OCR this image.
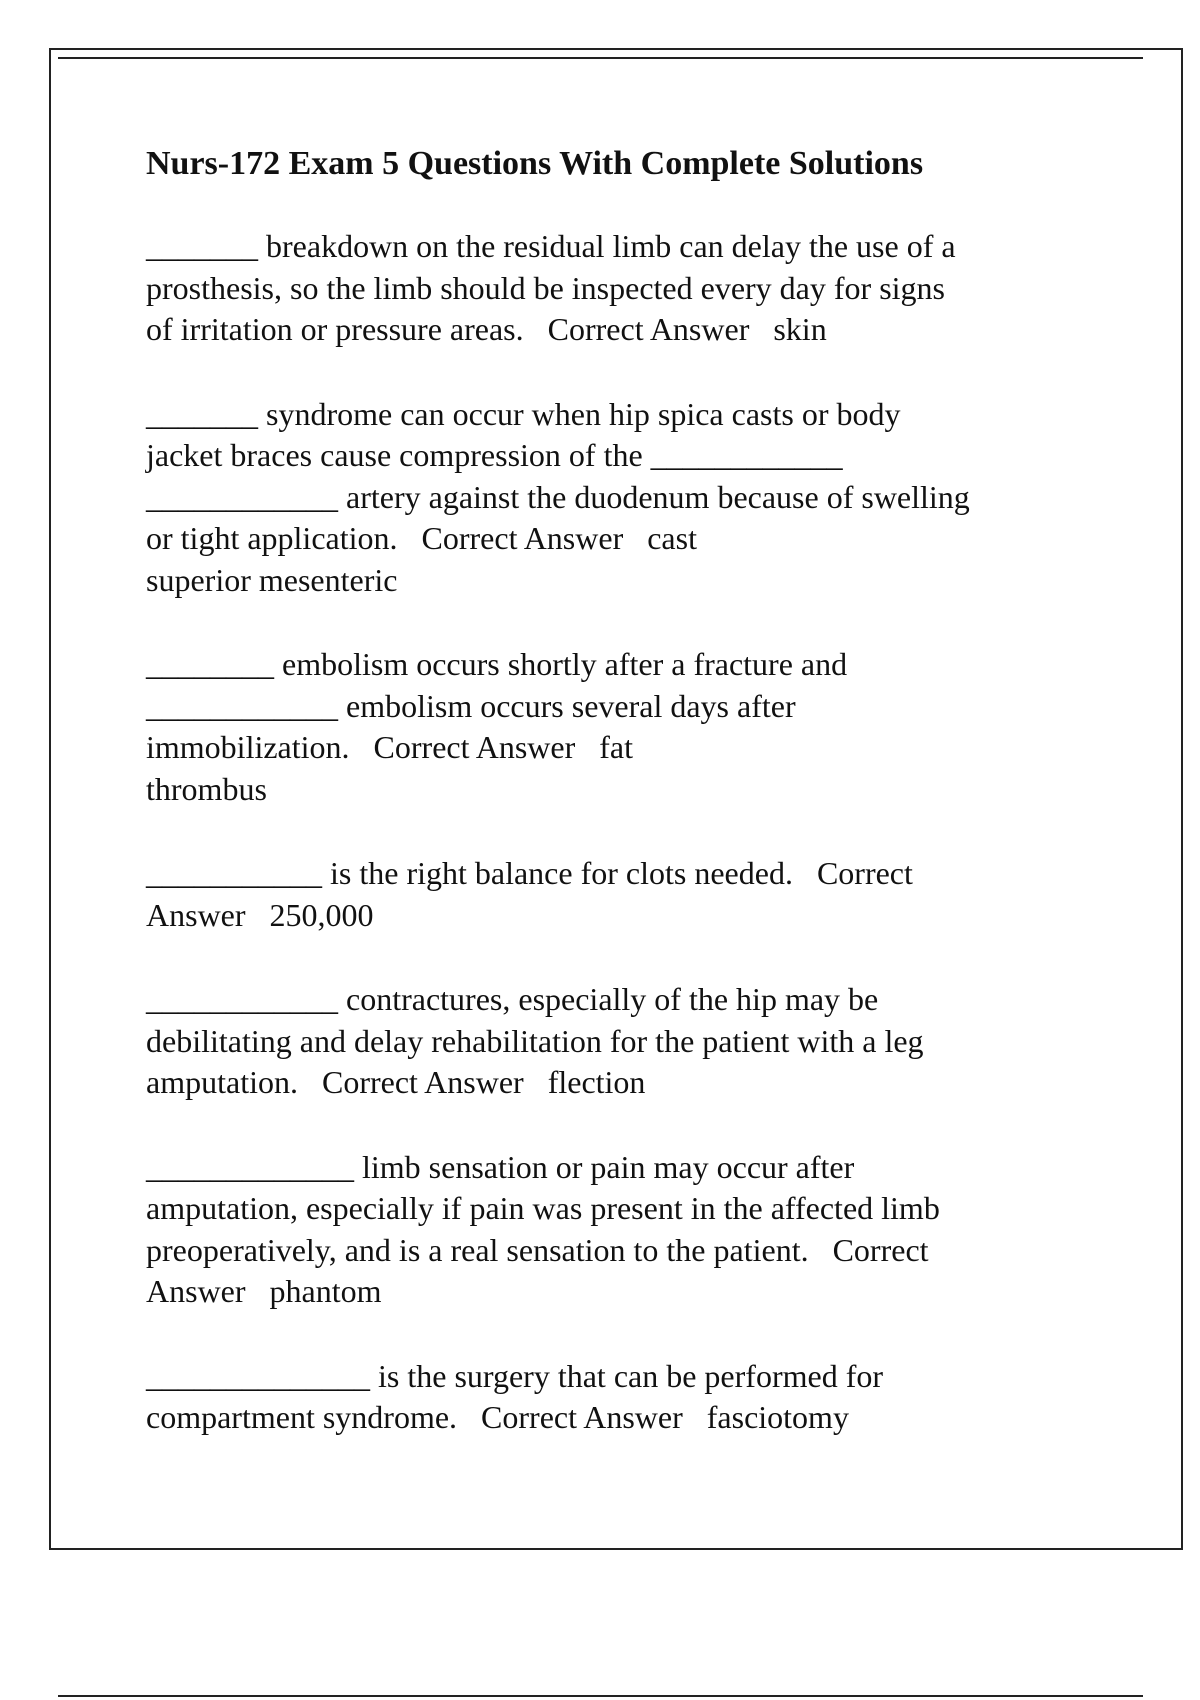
Nurs-172 Exam 5 Questions With Complete Solutions
_______ breakdown on the residual limb can delay the use of a
prosthesis, so the limb should be inspected every day for signs
of irritation or pressure areas.   Correct Answer   skin
_______ syndrome can occur when hip spica casts or body
jacket braces cause compression of the ____________
____________ artery against the duodenum because of swelling
or tight application.   Correct Answer   cast
superior mesenteric
________ embolism occurs shortly after a fracture and
____________ embolism occurs several days after
immobilization.   Correct Answer   fat
thrombus
___________ is the right balance for clots needed.   Correct
Answer   250,000
____________ contractures, especially of the hip may be
debilitating and delay rehabilitation for the patient with a leg
amputation.   Correct Answer   flection
_____________ limb sensation or pain may occur after
amputation, especially if pain was present in the affected limb
preoperatively, and is a real sensation to the patient.   Correct
Answer   phantom
______________ is the surgery that can be performed for
compartment syndrome.   Correct Answer   fasciotomy
